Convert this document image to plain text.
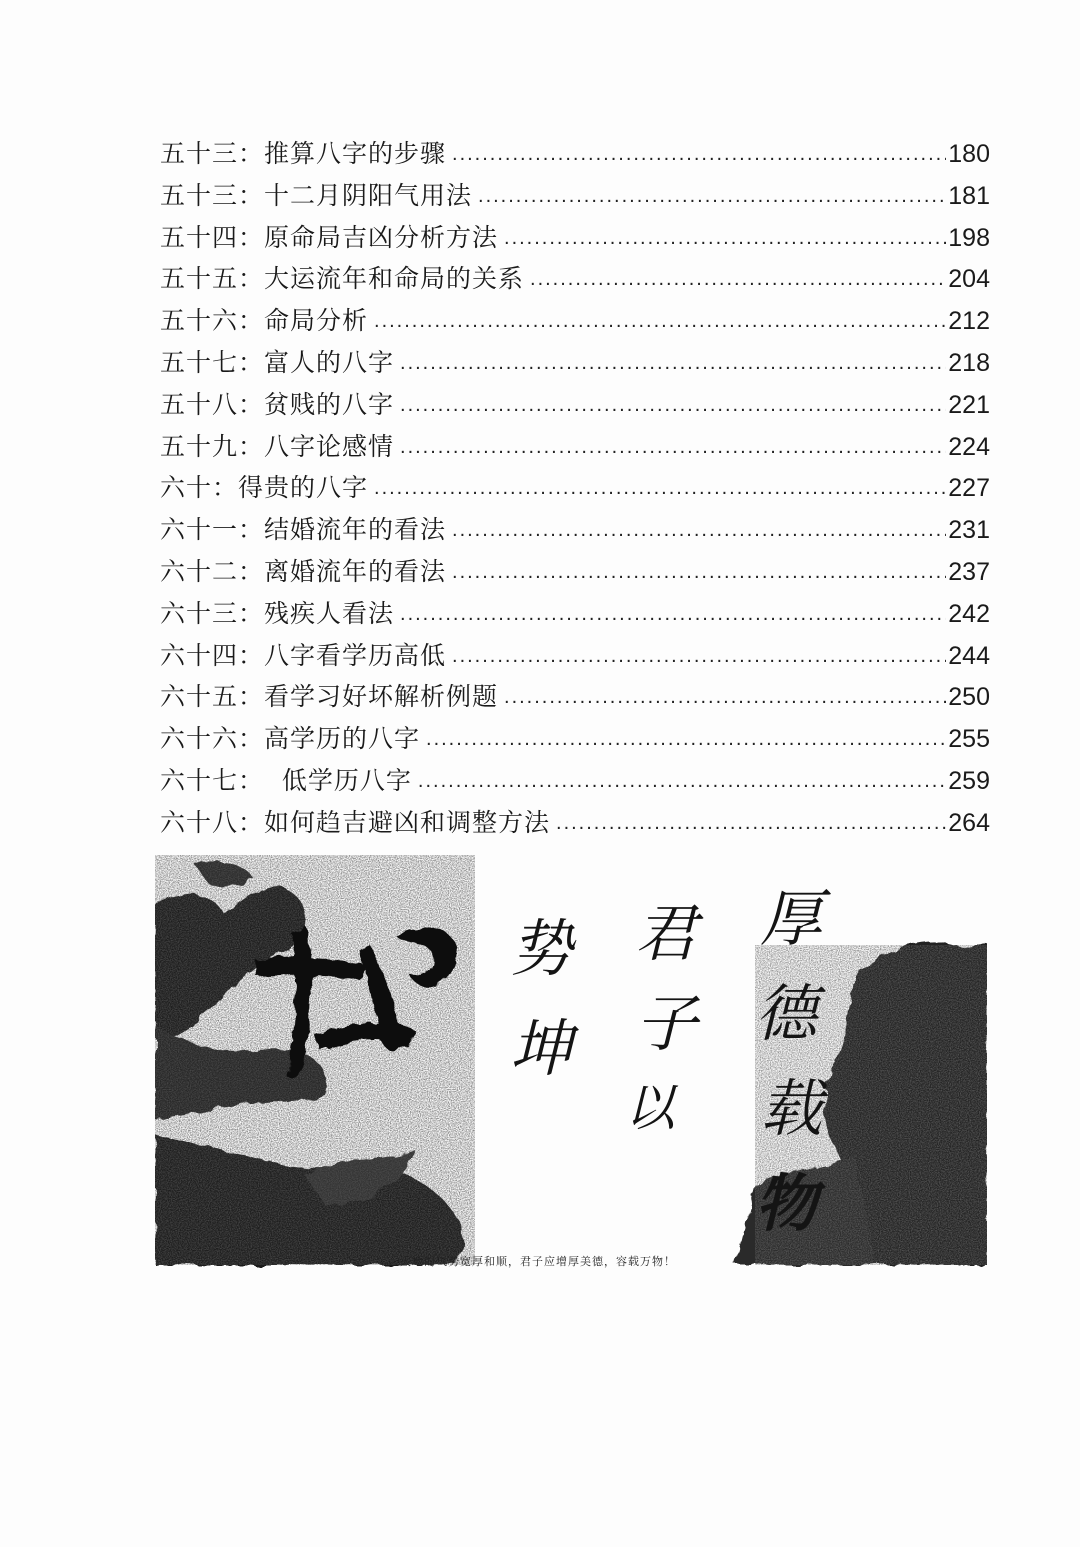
五十三：推算八字的步骤 .....	180
五十三：十二月阴阳气用法 .....	181
五十四：原命局吉凶分析方法 .....	198
五十五：大运流年和命局的关系 .....	204
五十六：命局分析 .....	212
五十七：富人的八字 .....	218
五十八：贫贱的八字 .....	221
五十九：八字论感情 .....	224
六十：得贵的八字 .....	227
六十一：结婚流年的看法 .....	231
六十二：离婚流年的看法 .....	237
六十三：残疾人看法 .....	242
六十四：八字看学历高低 .....	244
六十五：看学习好坏解析例题 .....	250
六十六：高学历的八字 .....	255
六十七：  低学历八字 .....	259
六十八：如何趋吉避凶和调整方法 .....	264
势
坤
君
子
以
厚
德
载
物
大地的气势宽厚和顺，君子应增厚美德，容载万物！
